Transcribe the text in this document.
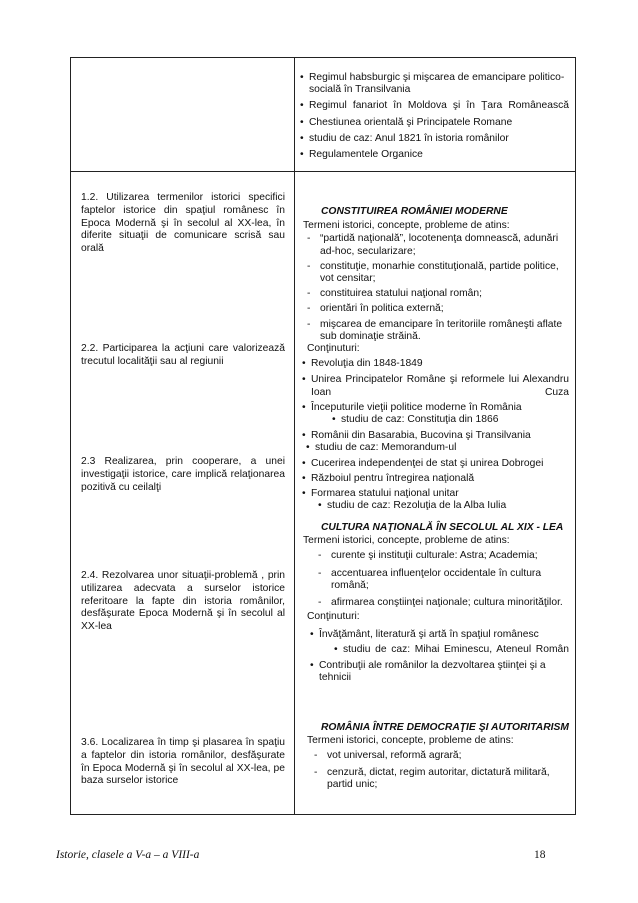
• Regimul habsburgic şi mişcarea de emancipare politico-socială în Transilvania
• Regimul fanariot în Moldova şi în Ţara Românească
• Chestiunea orientală şi Principatele Romane
• studiu de caz: Anul 1821 în istoria românilor
• Regulamentele Organice
1.2. Utilizarea termenilor istorici specifici faptelor istorice din spaţiul românesc în Epoca Modernă şi în secolul al XX-lea, în diferite situaţii de comunicare scrisă sau orală
2.2. Participarea la acţiuni care valorizează trecutul localităţii sau al regiunii
2.3 Realizarea, prin cooperare, a unei investigaţii istorice, care implică relaţionarea pozitivă cu ceilalţi
2.4. Rezolvarea unor situaţii-problemă , prin utilizarea adecvata a surselor istorice referitoare la fapte din istoria românilor, desfăşurate Epoca Modernă şi în secolul al XX-lea
3.6. Localizarea în timp şi plasarea în spaţiu a faptelor din istoria românilor, desfăşurate în Epoca Modernă şi în secolul al XX-lea, pe baza surselor istorice
CONSTITUIREA ROMÂNIEI MODERNE
Termeni istorici, concepte, probleme de atins:
- “partidă naţională”, locotenenţa domnească, adunări ad-hoc, secularizare;
- constituţie, monarhie constituţională, partide politice, vot censitar;
- constituirea statului naţional român;
- orientări în politica externă;
- mişcarea de emancipare în teritoriile româneşti aflate sub dominaţie străină.
Conţinuturi:
• Revoluţia din 1848-1849
• Unirea Principatelor Române şi reformele lui Alexandru Ioan Cuza
• Începuturile vieţii politice moderne în România
• studiu de caz: Constituţia din 1866
• Românii din Basarabia, Bucovina şi Transilvania
• studiu de caz: Memorandum-ul
• Cucerirea independenţei de stat şi unirea Dobrogei
• Războiul pentru întregirea naţională
• Formarea statului naţional unitar
• studiu de caz: Rezoluţia de la Alba Iulia
CULTURA NAŢIONALĂ ÎN SECOLUL AL XIX - LEA
Termeni istorici, concepte, probleme de atins:
- curente şi instituţii culturale: Astra; Academia;
- accentuarea influenţelor occidentale în cultura română;
- afirmarea conştiinţei naţionale; cultura minorităţilor.
Conţinuturi:
• Învăţământ, literatură şi artă în spaţiul românesc
• studiu de caz: Mihai Eminescu, Ateneul Român
• Contribuţii ale românilor la dezvoltarea ştiinţei şi a tehnicii
ROMÂNIA ÎNTRE DEMOCRAŢIE ŞI AUTORITARISM
Termeni istorici, concepte, probleme de atins:
- vot universal, reformă agrară;
- cenzură, dictat, regim autoritar, dictatură militară, partid unic;
Istorie, clasele a V-a – a VIII-a	18
